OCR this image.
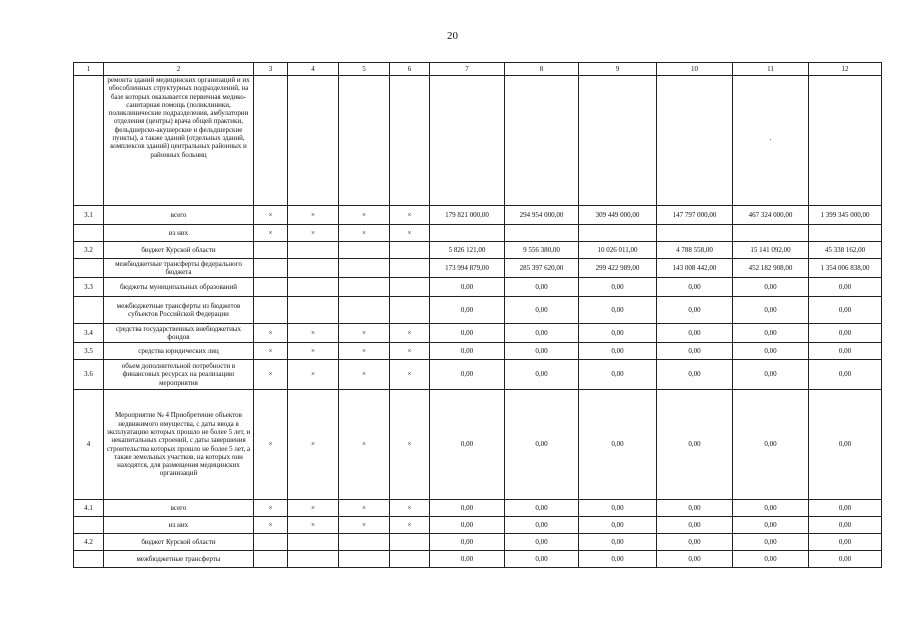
20
1	2	3	4	5	6	7	8	9	10	11	12
	ремонта зданий медицинских организаций и их обособленных структурных подразделений, на базе которых оказывается первичная медико-санитарная помощь (поликлиники, поликлинические подразделения, амбулатории отделения (центры) врача общей практики, фельдшерско-акушерские и фельдшерские пункты), а также зданий (отдельных зданий, комплексов зданий) центральных районных и районных больниц									·	
3.1	всего	×	×	×	×	179 821 000,00	294 954 000,00	309 449 000,00	147 797 000,00	467 324 000,00	1 399 345 000,00
	из них	×	×	×	×						
3.2	бюджет Курской области					5 826 121,00	9 556 380,00	10 026 011,00	4 788 558,00	15 141 092,00	45 338 162,00
	межбюджетные трансферты федерального бюджета					173 994 879,00	285 397 620,00	299 422 989,00	143 008 442,00	452 182 908,00	1 354 006 838,00
3.3	бюджеты муниципальных образований					0,00	0,00	0,00	0,00	0,00	0,00
	межбюджетные трансферты из бюджетов субъектов Российской Федерации					0,00	0,00	0,00	0,00	0,00	0,00
3.4	средства государственных внебюджетных фондов	×	×	×	×	0,00	0,00	0,00	0,00	0,00	0,00
3.5	средства юридических лиц	×	×	×	×	0,00	0,00	0,00	0,00	0,00	0,00
3.6	объем дополнительной потребности в финансовых ресурсах на реализацию мероприятия	×	×	×	×	0,00	0,00	0,00	0,00	0,00	0,00
4	Мероприятие № 4 Приобретение объектов недвижимого имущества, с даты ввода в эксплуатацию которых прошло не более 5 лет, и некапитальных строений, с даты завершения строительства которых прошло не более 5 лет, а также земельных участков, на которых они находятся, для размещения медицинских организаций	×	×	×	×	0,00	0,00	0,00	0,00	0,00	0,00
4.1	всего	×	×	×	×	0,00	0,00	0,00	0,00	0,00	0,00
	из них	×	×	×	×	0,00	0,00	0,00	0,00	0,00	0,00
4.2	бюджет Курской области					0,00	0,00	0,00	0,00	0,00	0,00
	межбюджетные трансферты					0,00	0,00	0,00	0,00	0,00	0,00
